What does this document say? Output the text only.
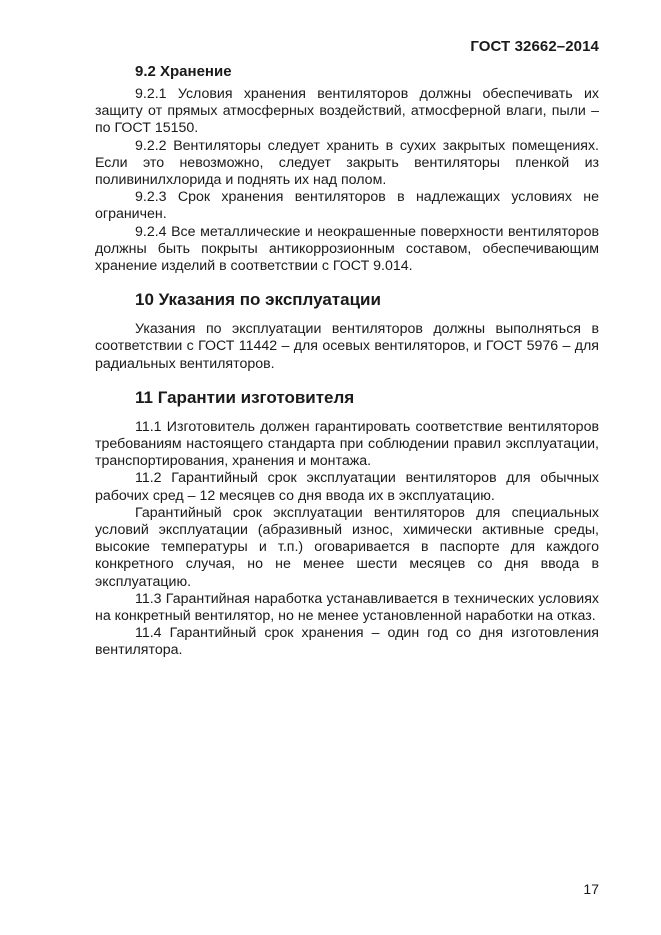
ГОСТ 32662–2014
9.2 Хранение

9.2.1 Условия хранения вентиляторов должны обеспечивать их защиту от прямых атмосферных воздействий, атмосферной влаги, пыли – по ГОСТ 15150.

9.2.2 Вентиляторы следует хранить в сухих закрытых помещениях. Если это невозможно, следует закрыть вентиляторы пленкой из поливинилхлорида и поднять их над полом.

9.2.3 Срок хранения вентиляторов в надлежащих условиях не ограничен.

9.2.4 Все металлические и неокрашенные поверхности вентиляторов должны быть покрыты антикоррозионным составом, обеспечивающим хранение изделий в соответствии с ГОСТ 9.014.

10 Указания по эксплуатации

Указания по эксплуатации вентиляторов должны выполняться в соответствии с ГОСТ 11442 – для осевых вентиляторов, и ГОСТ 5976 – для радиальных вентиляторов.

11 Гарантии изготовителя

11.1 Изготовитель должен гарантировать соответствие вентиляторов требованиям настоящего стандарта при соблюдении правил эксплуатации, транспортирования, хранения и монтажа.

11.2 Гарантийный срок эксплуатации вентиляторов для обычных рабочих сред – 12 месяцев со дня ввода их в эксплуатацию.

Гарантийный срок эксплуатации вентиляторов для специальных условий эксплуатации (абразивный износ, химически активные среды, высокие температуры и т.п.) оговаривается в паспорте для каждого конкретного случая, но не менее шести месяцев со дня ввода в эксплуатацию.

11.3 Гарантийная наработка устанавливается в технических условиях на конкретный вентилятор, но не менее установленной наработки на отказ.

11.4 Гарантийный срок хранения – один год со дня изготовления вентилятора.

17
